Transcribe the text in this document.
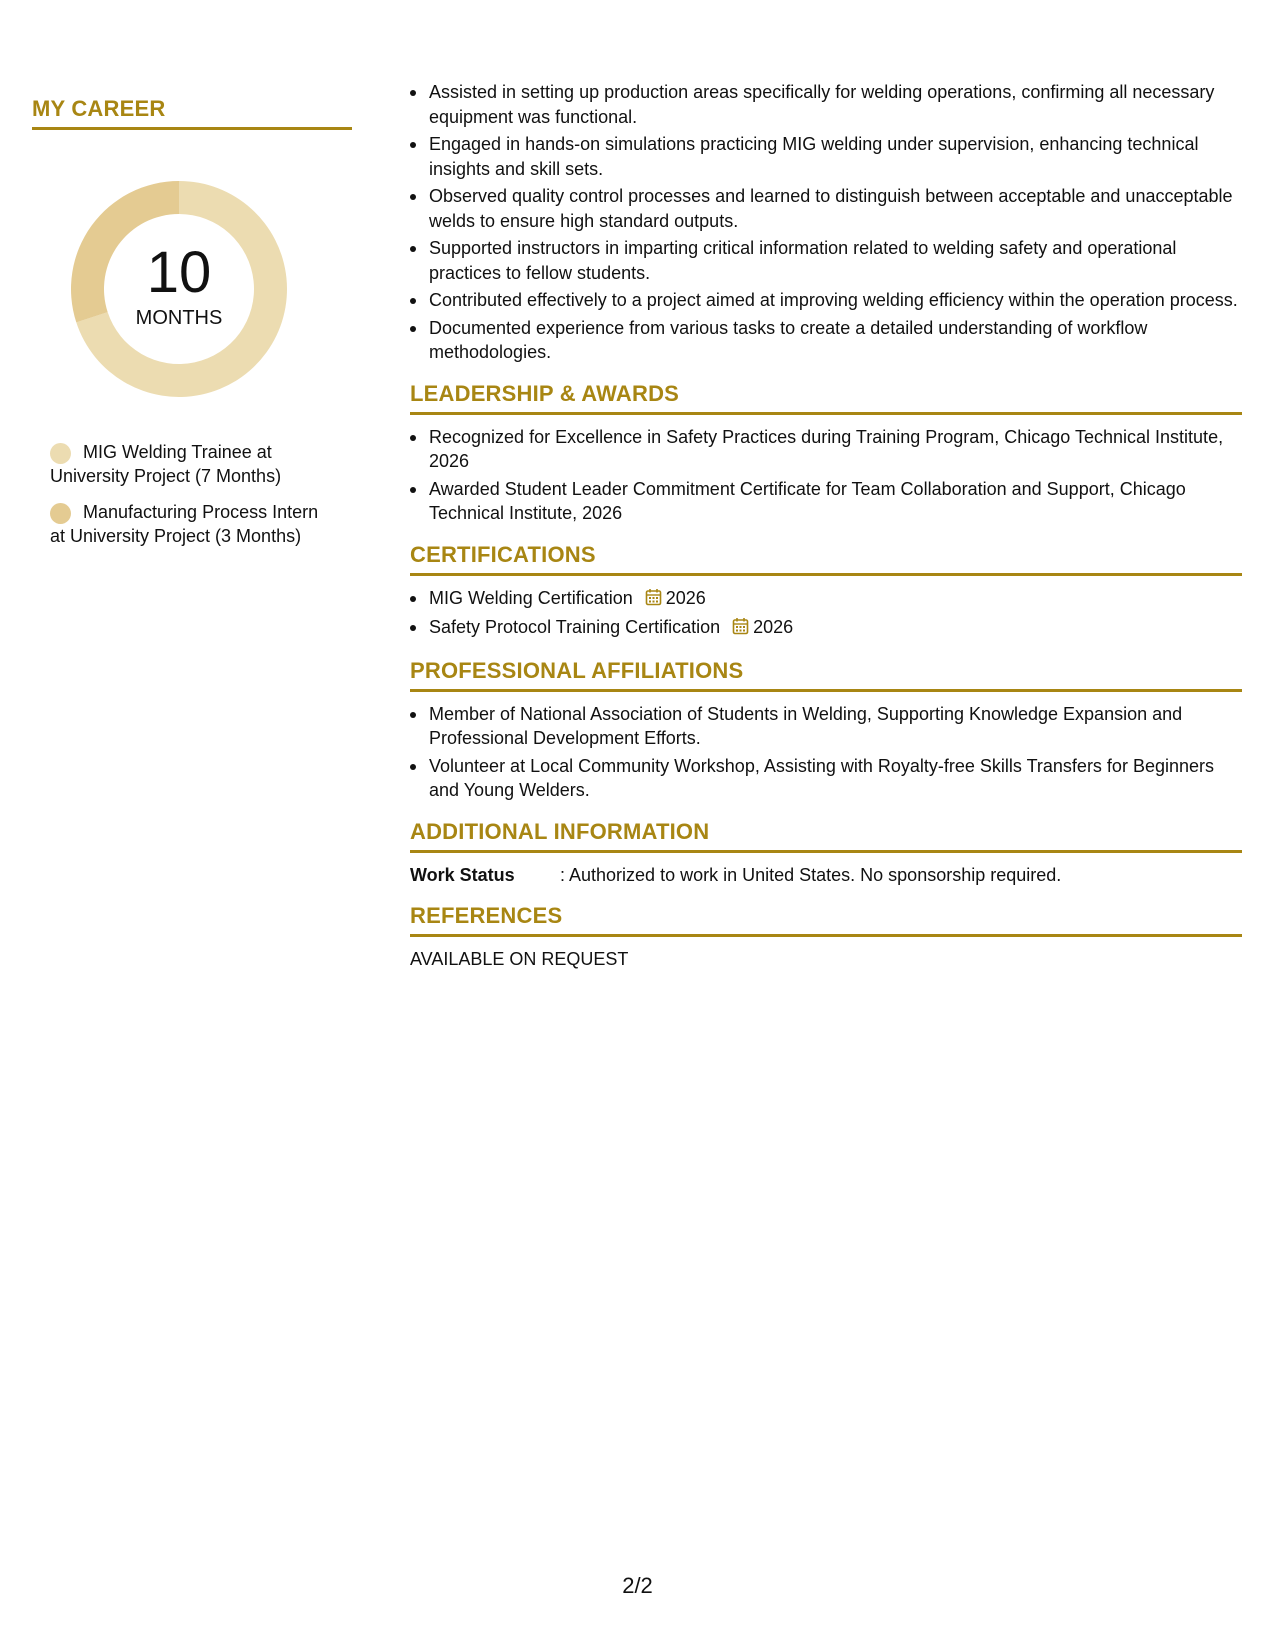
MY CAREER
10
MONTHS
MIG Welding Trainee at University Project (7 Months)
Manufacturing Process Intern at University Project (3 Months)
Assisted in setting up production areas specifically for welding operations, confirming all necessary equipment was functional.
Engaged in hands-on simulations practicing MIG welding under supervision, enhancing technical insights and skill sets.
Observed quality control processes and learned to distinguish between acceptable and unacceptable welds to ensure high standard outputs.
Supported instructors in imparting critical information related to welding safety and operational practices to fellow students.
Contributed effectively to a project aimed at improving welding efficiency within the operation process.
Documented experience from various tasks to create a detailed understanding of workflow methodologies.
LEADERSHIP & AWARDS
Recognized for Excellence in Safety Practices during Training Program, Chicago Technical Institute, 2026
Awarded Student Leader Commitment Certificate for Team Collaboration and Support, Chicago Technical Institute, 2026
CERTIFICATIONS
MIG Welding Certification 2026
Safety Protocol Training Certification 2026
PROFESSIONAL AFFILIATIONS
Member of National Association of Students in Welding, Supporting Knowledge Expansion and Professional Development Efforts.
Volunteer at Local Community Workshop, Assisting with Royalty-free Skills Transfers for Beginners and Young Welders.
ADDITIONAL INFORMATION
Work Status	: Authorized to work in United States. No sponsorship required.
REFERENCES
AVAILABLE ON REQUEST
2/2
